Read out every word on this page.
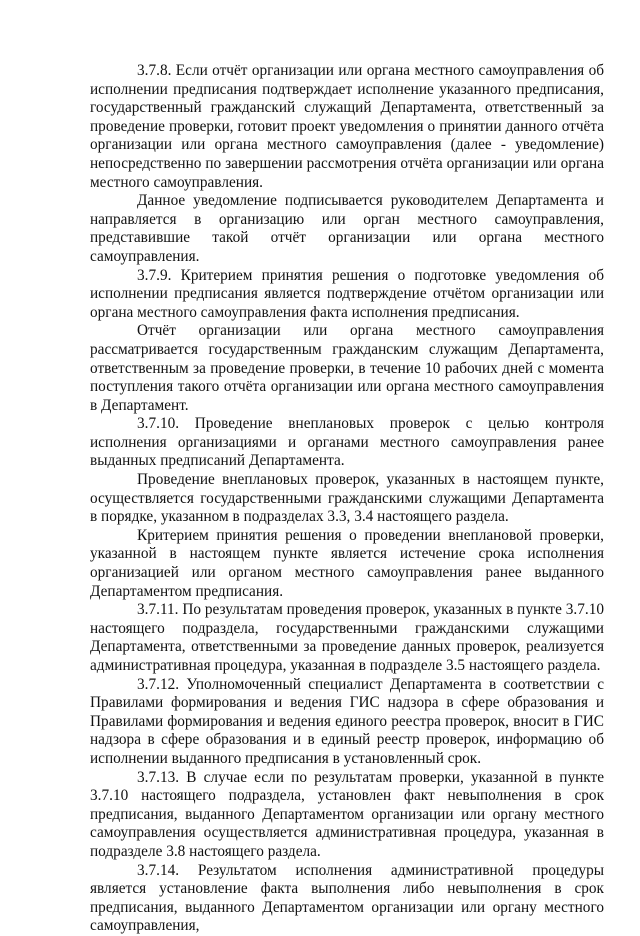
3.7.8. Если отчёт организации или органа местного самоуправления об исполнении предписания подтверждает исполнение указанного предписания, государственный гражданский служащий Департамента, ответственный за проведение проверки, готовит проект уведомления о принятии данного отчёта организации или органа местного самоуправления (далее - уведомление) непосредственно по завершении рассмотрения отчёта организации или органа местного самоуправления.

Данное уведомление подписывается руководителем Департамента и направляется в организацию или орган местного самоуправления, представившие такой отчёт организации или органа местного самоуправления.

3.7.9. Критерием принятия решения о подготовке уведомления об исполнении предписания является подтверждение отчётом организации или органа местного самоуправления факта исполнения предписания.

Отчёт организации или органа местного самоуправления рассматривается государственным гражданским служащим Департамента, ответственным за проведение проверки, в течение 10 рабочих дней с момента поступления такого отчёта организации или органа местного самоуправления в Департамент.

3.7.10. Проведение внеплановых проверок с целью контроля исполнения организациями и органами местного самоуправления ранее выданных предписаний Департамента.

Проведение внеплановых проверок, указанных в настоящем пункте, осуществляется государственными гражданскими служащими Департамента в порядке, указанном в подразделах 3.3, 3.4 настоящего раздела.

Критерием принятия решения о проведении внеплановой проверки, указанной в настоящем пункте является истечение срока исполнения организацией или органом местного самоуправления ранее выданного Департаментом предписания.

3.7.11. По результатам проведения проверок, указанных в пункте 3.7.10 настоящего подраздела, государственными гражданскими служащими Департамента, ответственными за проведение данных проверок, реализуется административная процедура, указанная в подразделе 3.5 настоящего раздела.

3.7.12. Уполномоченный специалист Департамента в соответствии с Правилами формирования и ведения ГИС надзора в сфере образования и Правилами формирования и ведения единого реестра проверок, вносит в ГИС надзора в сфере образования и в единый реестр проверок, информацию об исполнении выданного предписания в установленный срок.

3.7.13. В случае если по результатам проверки, указанной в пункте 3.7.10 настоящего подраздела, установлен факт невыполнения в срок предписания, выданного Департаментом организации или органу местного самоуправления осуществляется административная процедура, указанная в подразделе 3.8 настоящего раздела.

3.7.14. Результатом исполнения административной процедуры является установление факта выполнения либо невыполнения в срок предписания, выданного Департаментом организации или органу местного самоуправления,
